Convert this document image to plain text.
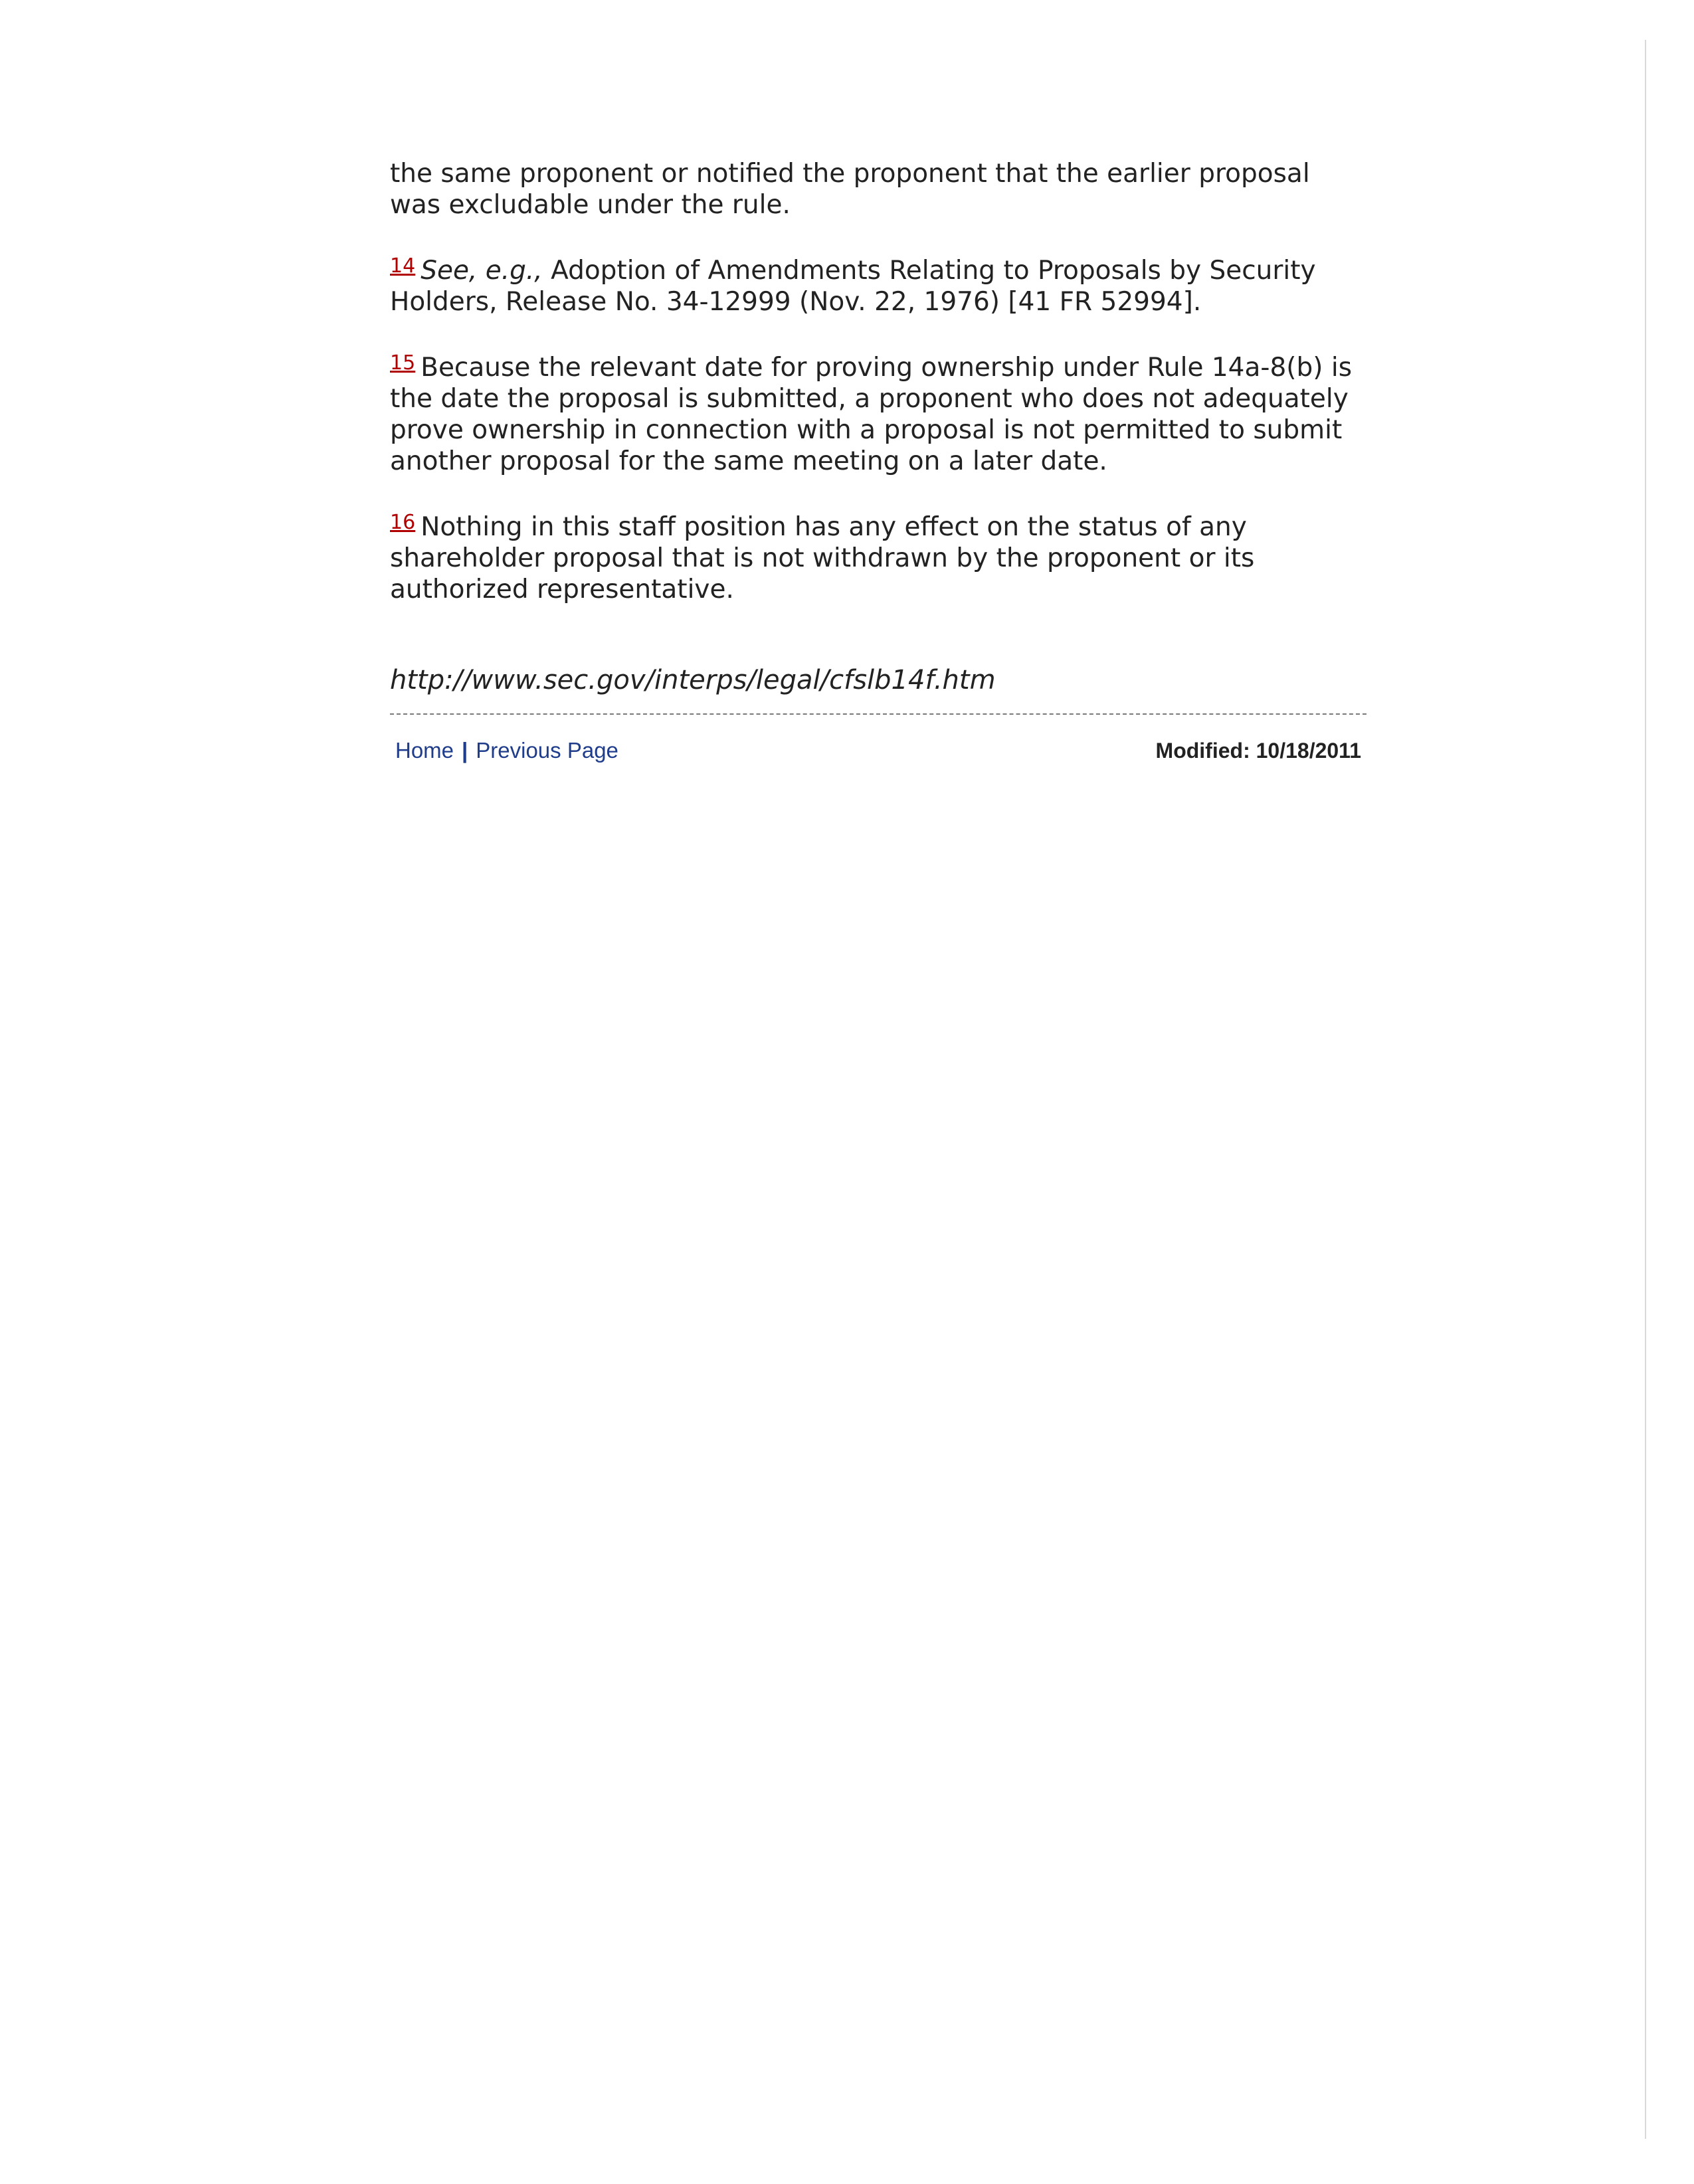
the same proponent or notified the proponent that the earlier proposal was excludable under the rule.

$^{14}$ See, e.g., Adoption of Amendments Relating to Proposals by Security Holders, Release No. 34-12999 (Nov. 22, 1976) [41 FR 52994].

$^{15}$ Because the relevant date for proving ownership under Rule 14a-8(b) is the date the proposal is submitted, a proponent who does not adequately prove ownership in connection with a proposal is not permitted to submit another proposal for the same meeting on a later date.

$^{16}$ Nothing in this staff position has any effect on the status of any shareholder proposal that is not withdrawn by the proponent or its authorized representative.

http://www.sec.gov/interps/legal/cfslb14f.htm
Home | Previous Page	Modified: 10/18/2011
